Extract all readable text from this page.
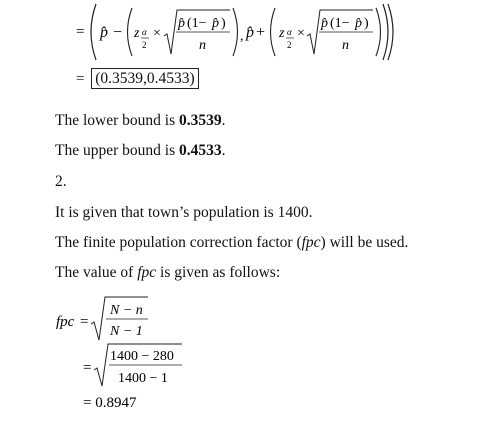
= p̂ − z α
2
×
p̂ (1− p̂ )
n
, p̂ + z α
2
×
p̂ (1− p̂ )
n
= (0.3539,0.4533)
The lower bound is 0.3539.
The upper bound is 0.4533.
2.
It is given that town’s population is 1400.
The finite population correction factor (fpc) will be used.
The value of fpc is given as follows:
fpc =
N − n
N − 1
=
1400 − 280
1400 − 1
= 0.8947
